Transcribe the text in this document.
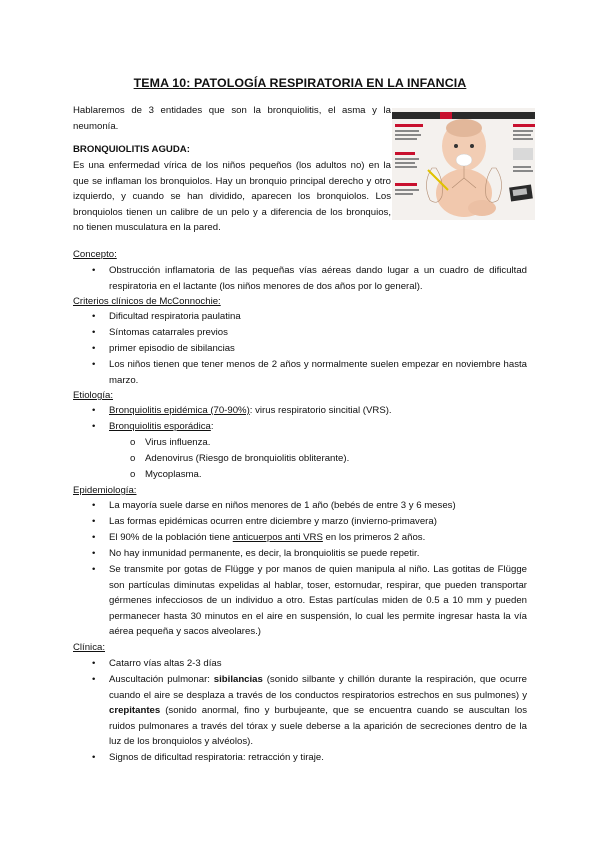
TEMA 10: PATOLOGÍA RESPIRATORIA EN LA INFANCIA
Hablaremos de 3 entidades que son la bronquiolitis, el asma y la neumonía.
BRONQUIOLITIS AGUDA:
Es una enfermedad vírica de los niños pequeños (los adultos no) en la que se inflaman los bronquiolos. Hay un bronquio principal derecho y otro izquierdo, y cuando se han dividido, aparecen los bronquiolos. Los bronquiolos tienen un calibre de un pelo y a diferencia de los bronquios, no tienen musculatura en la pared.
Concepto:
•	Obstrucción inflamatoria de las pequeñas vías aéreas dando lugar a un cuadro de dificultad respiratoria en el lactante (los niños menores de dos años por lo general).
Criterios clínicos de McConnochie:
•	Dificultad respiratoria paulatina
•	Síntomas catarrales previos
•	primer episodio de sibilancias
•	Los niños tienen que tener menos de 2 años y normalmente suelen empezar en noviembre hasta marzo.
Etiología:
•	Bronquiolitis epidémica (70-90%): virus respiratorio sincitial (VRS).
•	Bronquiolitis esporádica:
o Virus influenza.
o Adenovirus (Riesgo de bronquiolitis obliterante).
o Mycoplasma.
Epidemiología:
•	La mayoría suele darse en niños menores de 1 año (bebés de entre 3 y 6 meses)
•	Las formas epidémicas ocurren entre diciembre y marzo (invierno-primavera)
•	El 90% de la población tiene anticuerpos anti VRS en los primeros 2 años.
•	No hay inmunidad permanente, es decir, la bronquiolitis se puede repetir.
•	Se transmite por gotas de Flügge y por manos de quien manipula al niño. Las gotitas de Flügge son partículas diminutas expelidas al hablar, toser, estornudar, respirar, que pueden transportar gérmenes infecciosos de un individuo a otro. Estas partículas miden de 0.5 a 10 mm y pueden permanecer hasta 30 minutos en el aire en suspensión, lo cual les permite ingresar hasta la vía aérea pequeña y sacos alveolares.)
Clínica:
•	Catarro vías altas 2-3 días
•	Auscultación pulmonar: sibilancias (sonido silbante y chillón durante la respiración, que ocurre cuando el aire se desplaza a través de los conductos respiratorios estrechos en sus pulmones) y crepitantes (sonido anormal, fino y burbujeante, que se encuentra cuando se auscultan los ruidos pulmonares a través del tórax y suele deberse a la aparición de secreciones dentro de la luz de los bronquiolos y alvéolos).
•	Signos de dificultad respiratoria: retracción y tiraje.
